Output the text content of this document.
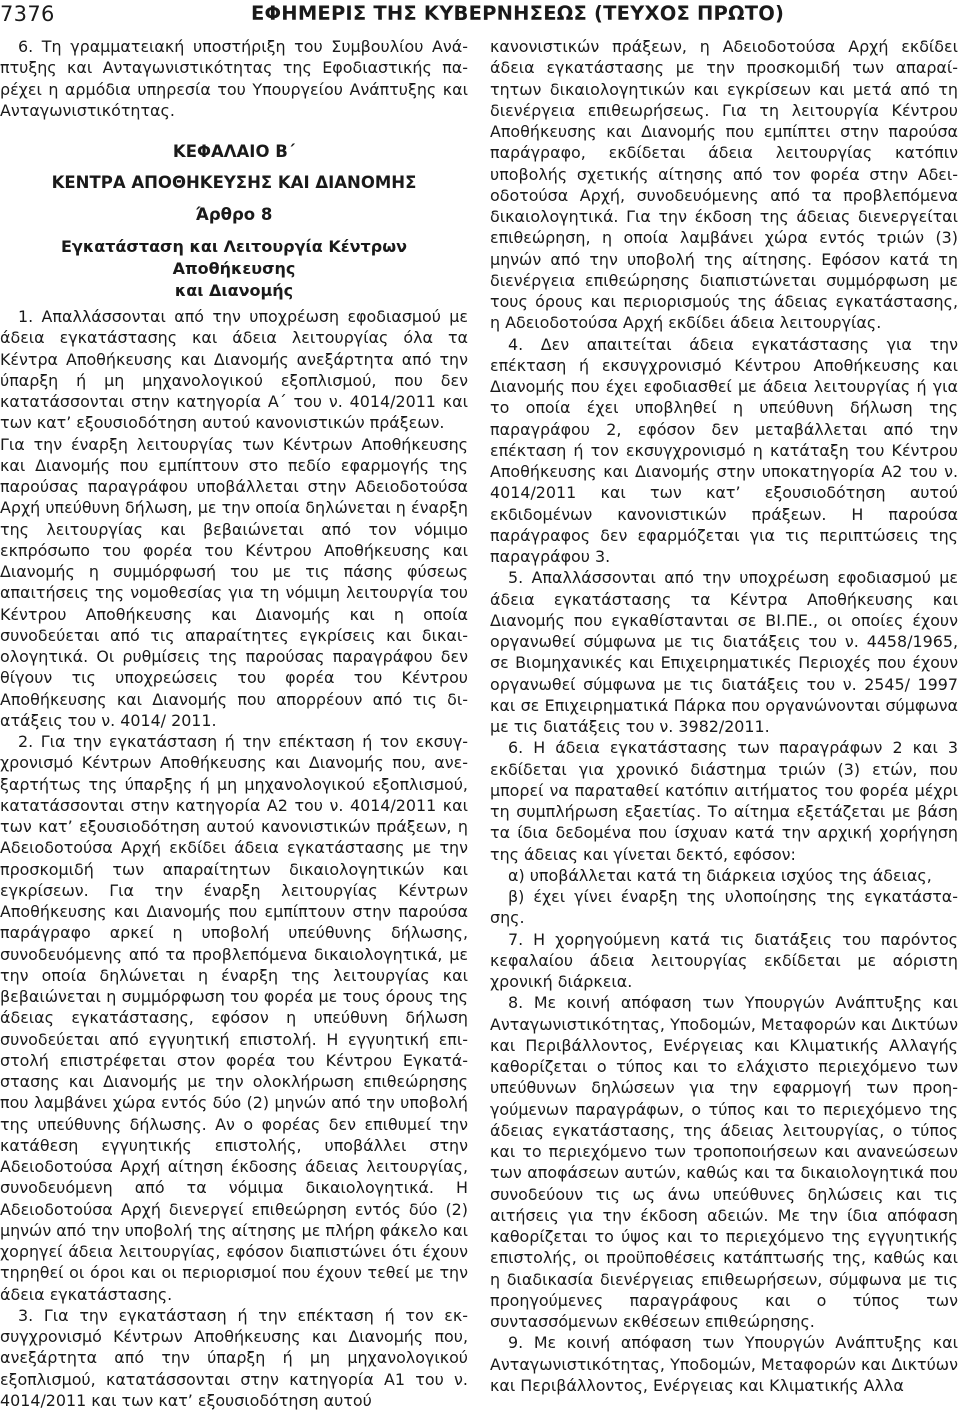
7376	ΕΦΗΜΕΡΙΣ ΤΗΣ ΚΥΒΕΡΝΗΣΕΩΣ (ΤΕΥΧΟΣ ΠΡΩΤΟ)

6. Τη γραμματειακή υποστήριξη του Συμβουλίου Ανάπτυξης και Ανταγωνιστικότητας της Εφοδιαστικής παρέχει η αρμόδια υπηρεσία του Υπουργείου Ανάπτυξης και Ανταγωνιστικότητας.

ΚΕΦΑΛΑΙΟ Β΄
ΚΕΝΤΡΑ ΑΠΟΘΗΚΕΥΣΗΣ ΚΑΙ ΔΙΑΝΟΜΗΣ
Άρθρο 8
Εγκατάσταση και Λειτουργία Κέντρων Αποθήκευσης
και Διανομής

1. Απαλλάσσονται από την υποχρέωση εφοδιασμού με άδεια εγκατάστασης και άδεια λειτουργίας όλα τα Κέντρα Αποθήκευσης και Διανομής ανεξάρτητα από την ύπαρξη ή μη μηχανολογικού εξοπλισμού, που δεν κατατάσσονται στην κατηγορία Α΄ του ν. 4014/2011 και των κατ’ εξουσιοδότηση αυτού κανονιστικών πράξεων.

Για την έναρξη λειτουργίας των Κέντρων Αποθήκευσης και Διανομής που εμπίπτουν στο πεδίο εφαρμογής της παρούσας παραγράφου υποβάλλεται στην Αδειοδοτούσα Αρχή υπεύθυνη δήλωση, με την οποία δηλώνεται η έναρξη της λειτουργίας και βεβαιώνεται από τον νόμιμο εκπρόσωπο του φορέα του Κέντρου Αποθήκευσης και Διανομής η συμμόρφωσή του με τις πάσης φύσεως απαιτήσεις της νομοθεσίας για τη νόμιμη λειτουργία του Κέντρου Αποθήκευσης και Διανομής και η οποία συνοδεύεται από τις απαραίτητες εγκρίσεις και δικαιολογητικά. Οι ρυθμίσεις της παρούσας παραγράφου δεν θίγουν τις υποχρεώσεις του φορέα του Κέντρου Αποθήκευσης και Διανομής που απορρέουν από τις διατάξεις του ν. 4014/ 2011.

2. Για την εγκατάσταση ή την επέκταση ή τον εκσυγχρονισμό Κέντρων Αποθήκευσης και Διανομής που, ανεξαρτήτως της ύπαρξης ή μη μηχανολογικού εξοπλισμού, κατατάσσονται στην κατηγορία Α2 του ν. 4014/2011 και των κατ’ εξουσιοδότηση αυτού κανονιστικών πράξεων, η Αδειοδοτούσα Αρχή εκδίδει άδεια εγκατάστασης με την προσκομιδή των απαραίτητων δικαιολογητικών και εγκρίσεων. Για την έναρξη λειτουργίας Κέντρων Αποθήκευσης και Διανομής που εμπίπτουν στην παρούσα παράγραφο αρκεί η υποβολή υπεύθυνης δήλωσης, συνοδευόμενης από τα προβλεπόμενα δικαιολογητικά, με την οποία δηλώνεται η έναρξη της λειτουργίας και βεβαιώνεται η συμμόρφωση του φορέα με τους όρους της άδειας εγκατάστασης, εφόσον η υπεύθυνη δήλωση συνοδεύεται από εγγυητική επιστολή. Η εγγυητική επιστολή επιστρέφεται στον φορέα του Κέντρου Εγκατάστασης και Διανομής με την ολοκλήρωση επιθεώρησης που λαμβάνει χώρα εντός δύο (2) μηνών από την υποβολή της υπεύθυνης δήλωσης. Αν ο φορέας δεν επιθυμεί την κατάθεση εγγυητικής επιστολής, υποβάλλει στην Αδειοδοτούσα Αρχή αίτηση έκδοσης άδειας λειτουργίας, συνοδευόμενη από τα νόμιμα δικαιολογητικά. Η Αδειοδοτούσα Αρχή διενεργεί επιθεώρηση εντός δύο (2) μηνών από την υποβολή της αίτησης με πλήρη φάκελο και χορηγεί άδεια λειτουργίας, εφόσον διαπιστώνει ότι έχουν τηρηθεί οι όροι και οι περιορισμοί που έχουν τεθεί με την άδεια εγκατάστασης.

3. Για την εγκατάσταση ή την επέκταση ή τον εκσυγχρονισμό Κέντρων Αποθήκευσης και Διανομής που, ανεξάρτητα από την ύπαρξη ή μη μηχανολογικού εξοπλισμού, κατατάσσονται στην κατηγορία Α1 του ν. 4014/2011 και των κατ’ εξουσιοδότηση αυτού

κανονιστικών πράξεων, η Αδειοδοτούσα Αρχή εκδίδει άδεια εγκατάστασης με την προσκομιδή των απαραίτητων δικαιολογητικών και εγκρίσεων και μετά από τη διενέργεια επιθεωρήσεως. Για τη λειτουργία Κέντρου Αποθήκευσης και Διανομής που εμπίπτει στην παρούσα παράγραφο, εκδίδεται άδεια λειτουργίας κατόπιν υποβολής σχετικής αίτησης από τον φορέα στην Αδειοδοτούσα Αρχή, συνοδευόμενης από τα προβλεπόμενα δικαιολογητικά. Για την έκδοση της άδειας διενεργείται επιθεώρηση, η οποία λαμβάνει χώρα εντός τριών (3) μηνών από την υποβολή της αίτησης. Εφόσον κατά τη διενέργεια επιθεώρησης διαπιστώνεται συμμόρφωση με τους όρους και περιορισμούς της άδειας εγκατάστασης, η Αδειοδοτούσα Αρχή εκδίδει άδεια λειτουργίας.

4. Δεν απαιτείται άδεια εγκατάστασης για την επέκταση ή εκσυγχρονισμό Κέντρου Αποθήκευσης και Διανομής που έχει εφοδιασθεί με άδεια λειτουργίας ή για το οποία έχει υποβληθεί η υπεύθυνη δήλωση της παραγράφου 2, εφόσον δεν μεταβάλλεται από την επέκταση ή τον εκσυγχρονισμό η κατάταξη του Κέντρου Αποθήκευσης και Διανομής στην υποκατηγορία Α2 του ν. 4014/2011 και των κατ’ εξουσιοδότηση αυτού εκδιδομένων κανονιστικών πράξεων. Η παρούσα παράγραφος δεν εφαρμόζεται για τις περιπτώσεις της παραγράφου 3.

5. Απαλλάσσονται από την υποχρέωση εφοδιασμού με άδεια εγκατάστασης τα Κέντρα Αποθήκευσης και Διανομής που εγκαθίστανται σε ΒΙ.ΠΕ., οι οποίες έχουν οργανωθεί σύμφωνα με τις διατάξεις του ν. 4458/1965, σε Βιομηχανικές και Επιχειρηματικές Περιοχές που έχουν οργανωθεί σύμφωνα με τις διατάξεις του ν. 2545/ 1997 και σε Επιχειρηματικά Πάρκα που οργανώνονται σύμφωνα με τις διατάξεις του ν. 3982/2011.

6. Η άδεια εγκατάστασης των παραγράφων 2 και 3 εκδίδεται για χρονικό διάστημα τριών (3) ετών, που μπορεί να παραταθεί κατόπιν αιτήματος του φορέα μέχρι τη συμπλήρωση εξαετίας. Το αίτημα εξετάζεται με βάση τα ίδια δεδομένα που ίσχυαν κατά την αρχική χορήγηση της άδειας και γίνεται δεκτό, εφόσον:

α) υποβάλλεται κατά τη διάρκεια ισχύος της άδειας,

β) έχει γίνει έναρξη της υλοποίησης της εγκατάστασης.

7. Η χορηγούμενη κατά τις διατάξεις του παρόντος κεφαλαίου άδεια λειτουργίας εκδίδεται με αόριστη χρονική διάρκεια.

8. Με κοινή απόφαση των Υπουργών Ανάπτυξης και Ανταγωνιστικότητας, Υποδομών, Μεταφορών και Δικτύων και Περιβάλλοντος, Ενέργειας και Κλιματικής Αλλαγής καθορίζεται ο τύπος και το ελάχιστο περιεχόμενο των υπεύθυνων δηλώσεων για την εφαρμογή των προηγούμενων παραγράφων, ο τύπος και το περιεχόμενο της άδειας εγκατάστασης, της άδειας λειτουργίας, ο τύπος και το περιεχόμενο των τροποποιήσεων και ανανεώσεων των αποφάσεων αυτών, καθώς και τα δικαιολογητικά που συνοδεύουν τις ως άνω υπεύθυνες δηλώσεις και τις αιτήσεις για την έκδοση αδειών. Με την ίδια απόφαση καθορίζεται το ύψος και το περιεχόμενο της εγγυητικής επιστολής, οι προϋποθέσεις κατάπτωσής της, καθώς και η διαδικασία διενέργειας επιθεωρήσεων, σύμφωνα με τις προηγούμενες παραγράφους και ο τύπος των συντασσόμενων εκθέσεων επιθεώρησης.

9. Με κοινή απόφαση των Υπουργών Ανάπτυξης και Ανταγωνιστικότητας, Υποδομών, Μεταφορών και Δικτύων και Περιβάλλοντος, Ενέργειας και Κλιματικής Αλλα
